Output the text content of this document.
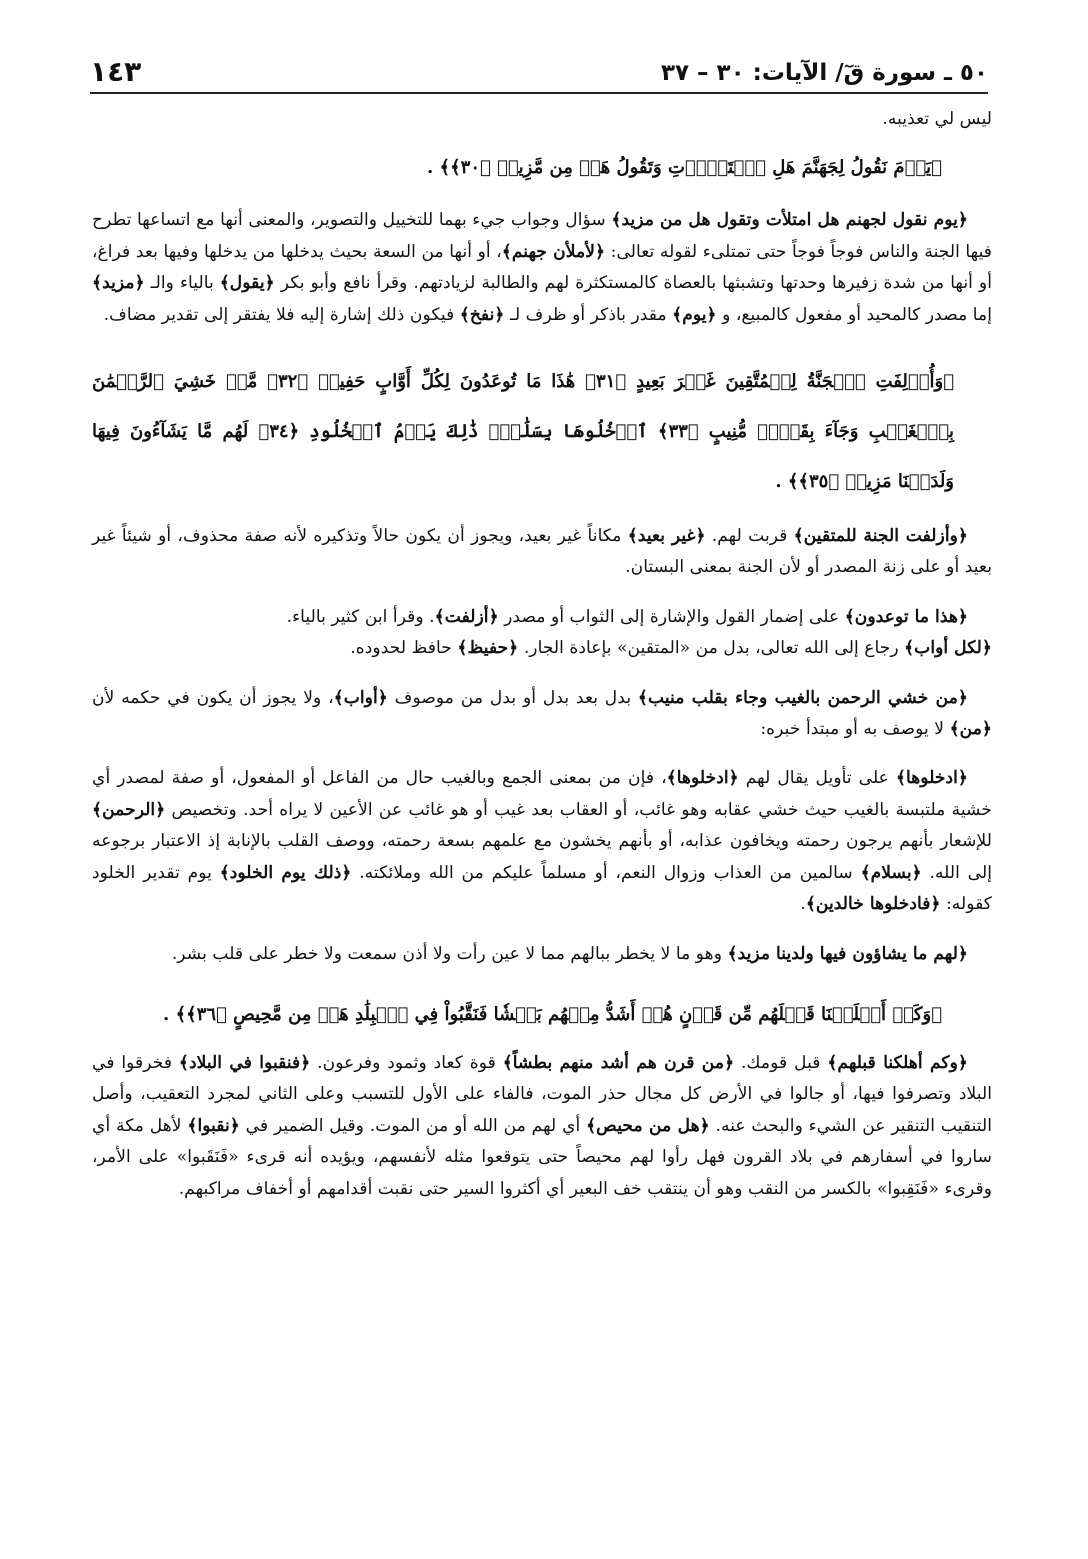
٥٠ ـ سورة قٓ/ الآيات: ٣٠ – ٣٧
١٤٣

ليس لي تعذيبه.

﴿يَوۡمَ نَقُولُ لِجَهَنَّمَ هَلِ ٱمۡتَلَأۡتِ وَتَقُولُ هَلۡ مِن مَّزِيدٖ ﴿٣٠﴾﴾ .

﴿يوم نقول لجهنم هل امتلأت وتقول هل من مزيد﴾ سؤال وجواب جيء بهما للتخييل والتصوير، والمعنى أنها مع اتساعها تطرح فيها الجنة والناس فوجاً فوجاً حتى تمتلىء لقوله تعالى: ﴿لأملأن جهنم﴾، أو أنها من السعة بحيث يدخلها من يدخلها وفيها بعد فراغ، أو أنها من شدة زفيرها وحدتها وتشبثها بالعصاة كالمستكثرة لهم والطالبة لزيادتهم. وقرأ نافع وأبو بكر ﴿يقول﴾ بالياء والـ ﴿مزيد﴾ إما مصدر كالمحيد أو مفعول كالمبيع، و ﴿يوم﴾ مقدر باذكر أو ظرف لـ ﴿نفخ﴾ فيكون ذلك إشارة إليه فلا يفتقر إلى تقدير مضاف.

﴿وَأُزۡلِفَتِ ٱلۡجَنَّةُ لِلۡمُتَّقِينَ غَيۡرَ بَعِيدٍ ﴿٣١﴾ هَٰذَا مَا تُوعَدُونَ لِكُلِّ أَوَّابٍ حَفِيظٖ ﴿٣٢﴾ مَّنۡ خَشِيَ ٱلرَّحۡمَٰنَ بِٱلۡغَيۡبِ وَجَآءَ بِقَلۡبٖ مُّنِيبٍ ﴿٣٣﴾ ٱدۡخُلُوهَا بِسَلَٰمٖۖ ذَٰلِكَ يَوۡمُ ٱلۡخُلُودِ ﴿٣٤﴾ لَهُم مَّا يَشَآءُونَ فِيهَا وَلَدَيۡنَا مَزِيدٞ ﴿٣٥﴾﴾ .

﴿وأزلفت الجنة للمتقين﴾ قربت لهم. ﴿غير بعيد﴾ مكاناً غير بعيد، ويجوز أن يكون حالاً وتذكيره لأنه صفة محذوف، أو شيئاً غير بعيد أو على زنة المصدر أو لأن الجنة بمعنى البستان.

﴿هذا ما توعدون﴾ على إضمار القول والإشارة إلى الثواب أو مصدر ﴿أزلفت﴾. وقرأ ابن كثير بالياء.

﴿لكل أواب﴾ رجاع إلى الله تعالى، بدل من «المتقين» بإعادة الجار. ﴿حفيظ﴾ حافظ لحدوده.

﴿من خشي الرحمن بالغيب وجاء بقلب منيب﴾ بدل بعد بدل أو بدل من موصوف ﴿أواب﴾، ولا يجوز أن يكون في حكمه لأن ﴿من﴾ لا يوصف به أو مبتدأ خبره:

﴿ادخلوها﴾ على تأويل يقال لهم ﴿ادخلوها﴾، فإن من بمعنى الجمع وبالغيب حال من الفاعل أو المفعول، أو صفة لمصدر أي خشية ملتبسة بالغيب حيث خشي عقابه وهو غائب، أو العقاب بعد غيب أو هو غائب عن الأعين لا يراه أحد. وتخصيص ﴿الرحمن﴾ للإشعار بأنهم يرجون رحمته ويخافون عذابه، أو بأنهم يخشون مع علمهم بسعة رحمته، ووصف القلب بالإنابة إذ الاعتبار برجوعه إلى الله. ﴿بسلام﴾ سالمين من العذاب وزوال النعم، أو مسلماً عليكم من الله وملائكته. ﴿ذلك يوم الخلود﴾ يوم تقدير الخلود كقوله: ﴿فادخلوها خالدين﴾.

﴿لهم ما يشاؤون فيها ولدينا مزيد﴾ وهو ما لا يخطر ببالهم مما لا عين رأت ولا أذن سمعت ولا خطر على قلب بشر.

﴿وَكَمۡ أَهۡلَكۡنَا قَبۡلَهُم مِّن قَرۡنٍ هُمۡ أَشَدُّ مِنۡهُم بَطۡشٗا فَنَقَّبُواْ فِي ٱلۡبِلَٰدِ هَلۡ مِن مَّحِيصٍ ﴿٣٦﴾﴾ .

﴿وكم أهلكنا قبلهم﴾ قبل قومك. ﴿من قرن هم أشد منهم بطشاً﴾ قوة كعاد وثمود وفرعون. ﴿فنقبوا في البلاد﴾ فخرقوا في البلاد وتصرفوا فيها، أو جالوا في الأرض كل مجال حذر الموت، فالفاء على الأول للتسبب وعلى الثاني لمجرد التعقيب، وأصل التنقيب التنقير عن الشيء والبحث عنه. ﴿هل من محيص﴾ أي لهم من الله أو من الموت. وقيل الضمير في ﴿نقبوا﴾ لأهل مكة أي ساروا في أسفارهم في بلاد القرون فهل رأوا لهم محيصاً حتى يتوقعوا مثله لأنفسهم، ويؤيده أنه قرىء «فَنَقَبوا» على الأمر، وقرىء «فَنَقِبوا» بالكسر من النقب وهو أن ينتقب خف البعير أي أكثروا السير حتى نقبت أقدامهم أو أخفاف مراكبهم.
